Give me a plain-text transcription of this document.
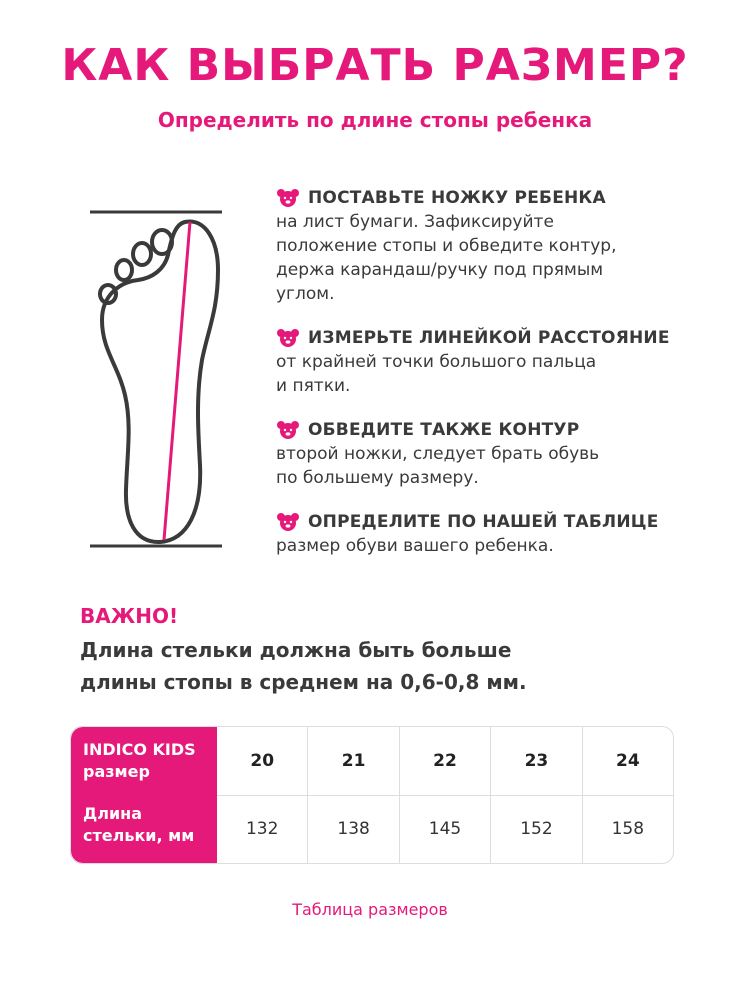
КАК ВЫБРАТЬ РАЗМЕР?
Определить по длине стопы ребенка
ПОСТАВЬТЕ НОЖКУ РЕБЕНКА
на лист бумаги. Зафиксируйте
положение стопы и обведите контур,
держа карандаш/ручку под прямым
углом.
ИЗМЕРЬТЕ ЛИНЕЙКОЙ РАССТОЯНИЕ
от крайней точки большого пальца
и пятки.
ОБВЕДИТЕ ТАКЖЕ КОНТУР
второй ножки, следует брать обувь
по большему размеру.
ОПРЕДЕЛИТЕ ПО НАШЕЙ ТАБЛИЦЕ
размер обуви вашего ребенка.
ВАЖНО!
Длина стельки должна быть больше
длины стопы в среднем на 0,6-0,8 мм.
INDICO KIDS
размер
Длина
стельки, мм
20
132
21
138
22
145
23
152
24
158
Таблица размеров
